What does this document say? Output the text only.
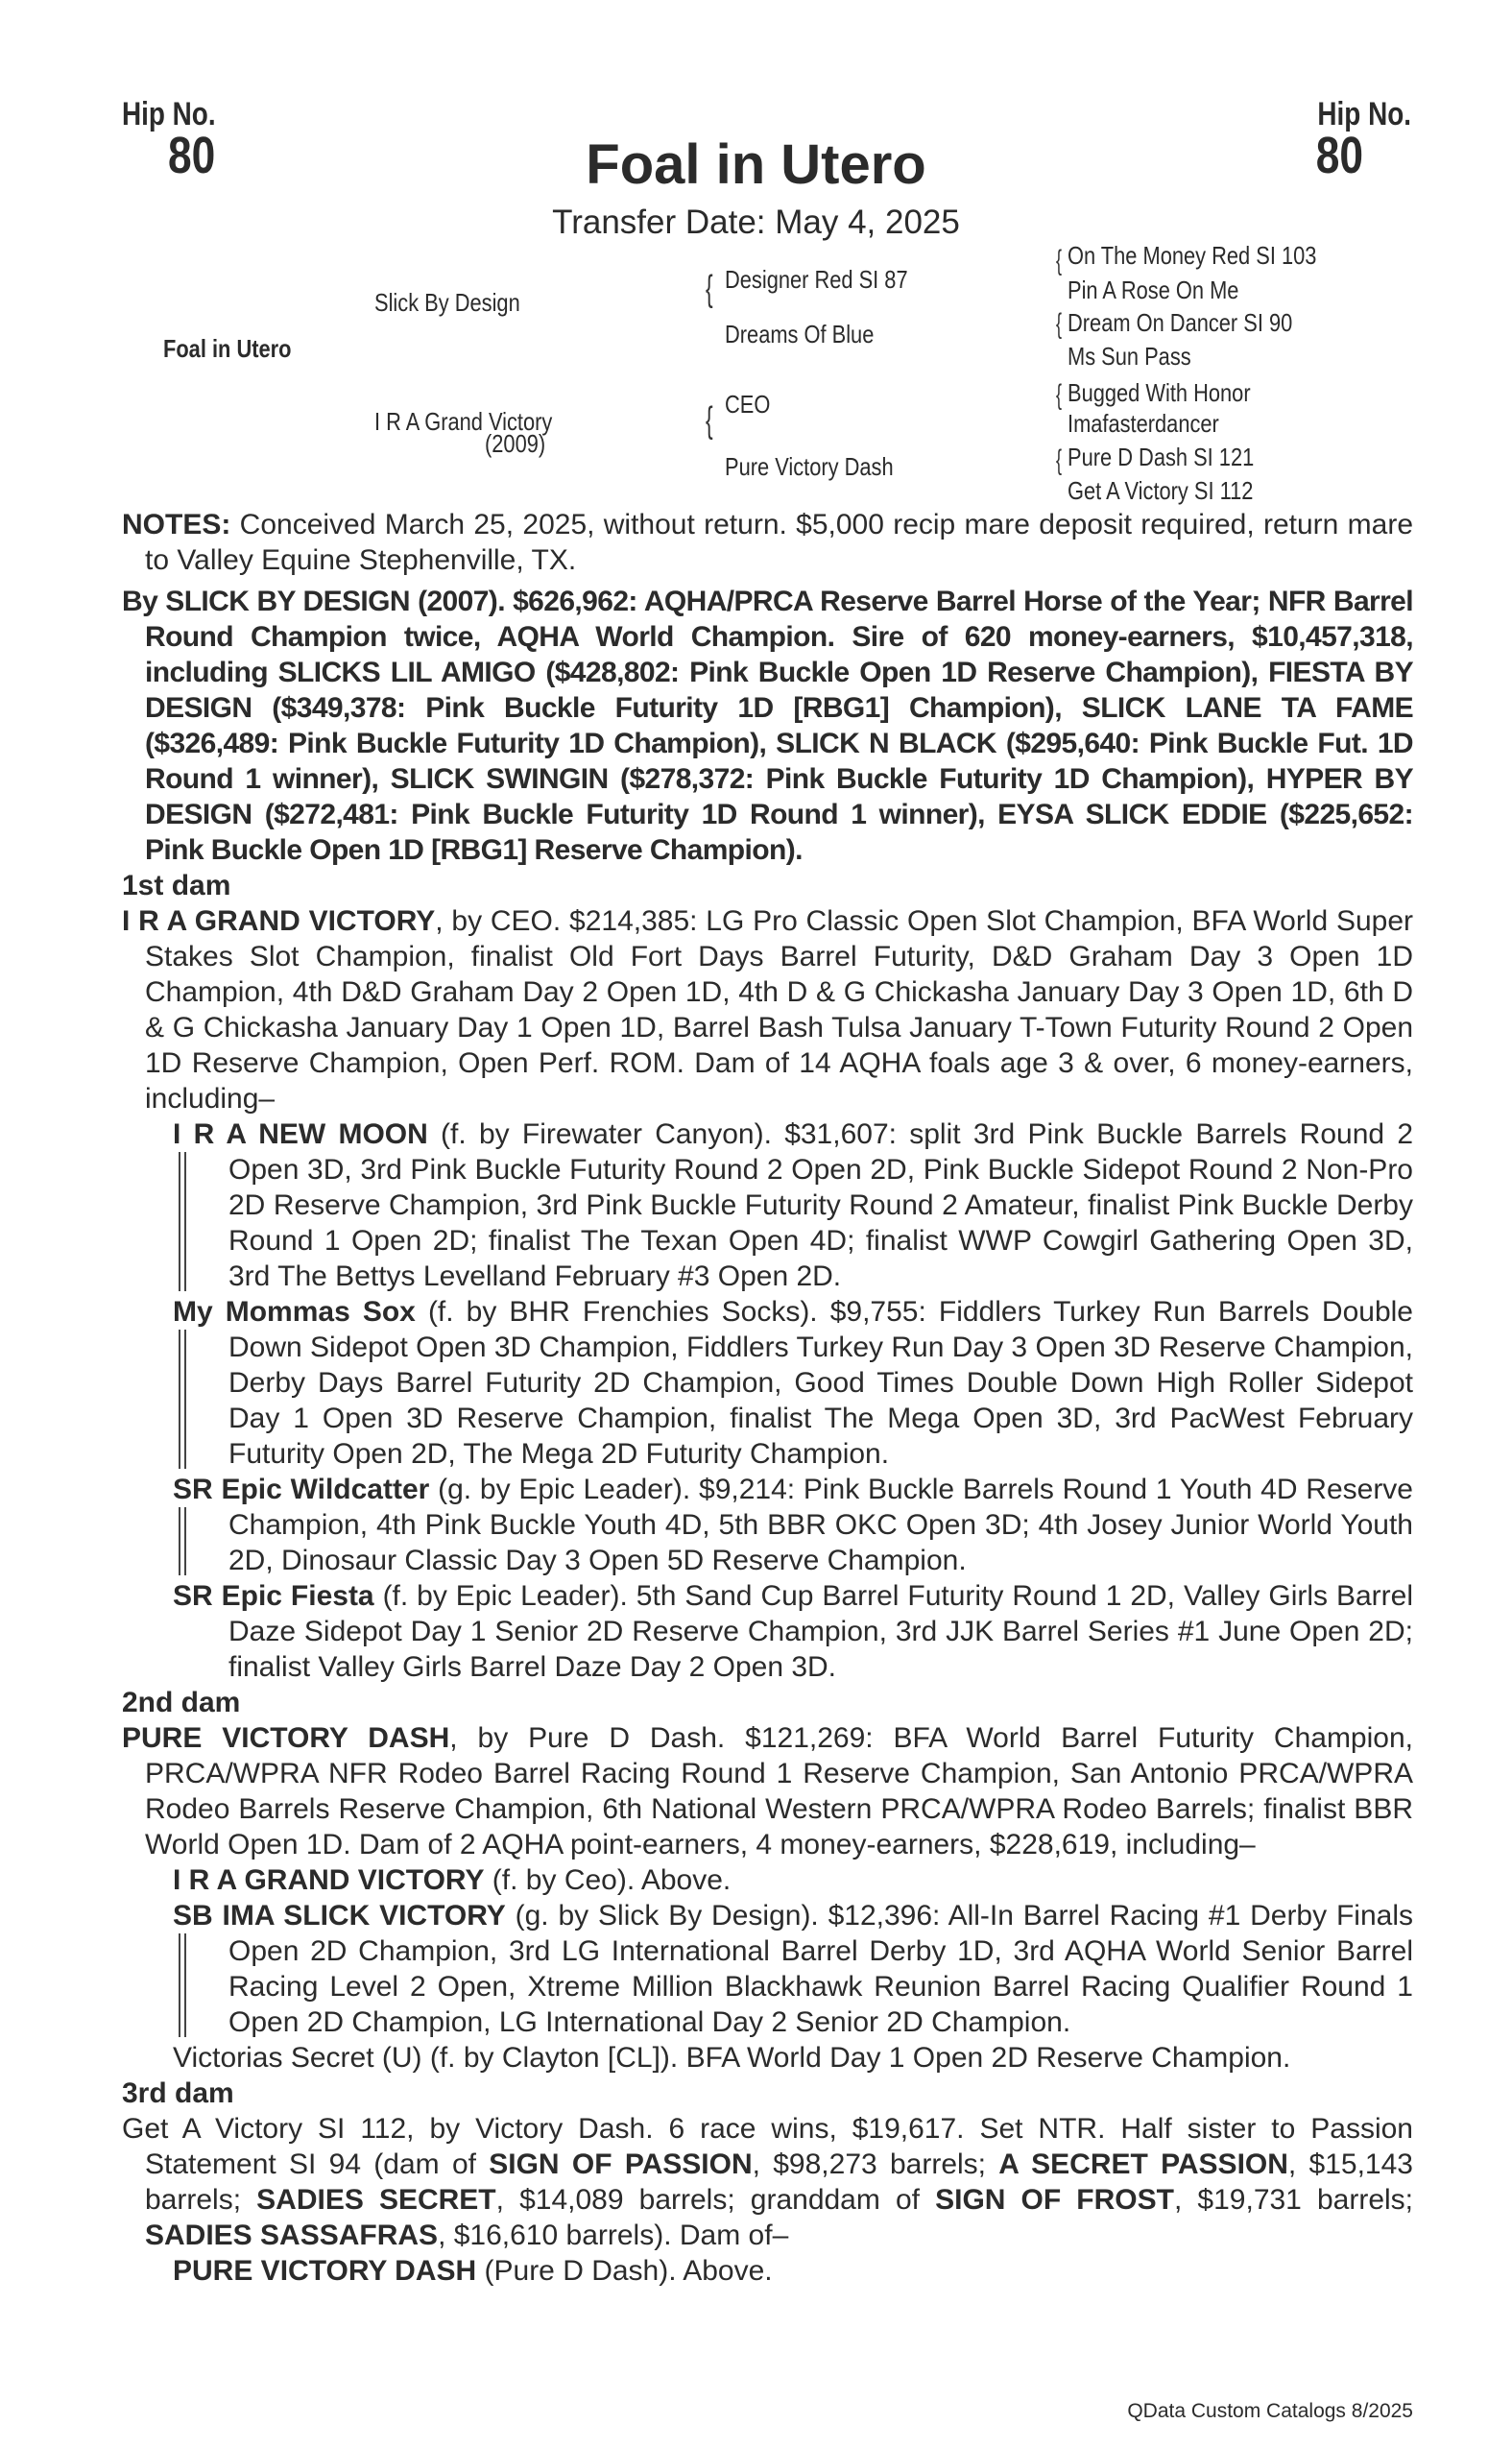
Hip No.
80
Hip No.
80
Foal in Utero
Transfer Date: May 4, 2025
Foal in Utero
Slick By Design
I R A Grand Victory
(2009)
{
{
Designer Red SI 87
Dreams Of Blue
CEO
Pure Victory Dash
{
{
{
{
On The Money Red SI 103
Pin A Rose On Me
Dream On Dancer SI 90
Ms Sun Pass
Bugged With Honor
Imafasterdancer
Pure D Dash SI 121
Get A Victory SI 112

NOTES: Conceived March 25, 2025, without return. $5,000 recip mare deposit required, return mare to Valley Equine Stephenville, TX.

By SLICK BY DESIGN (2007). $626,962: AQHA/PRCA Reserve Barrel Horse of the Year; NFR Barrel Round Champion twice, AQHA World Champion. Sire of 620 money-earners, $10,457,318, including SLICKS LIL AMIGO ($428,802: Pink Buckle Open 1D Reserve Champion), FIESTA BY DESIGN ($349,378: Pink Buckle Futurity 1D [RBG1] Champion), SLICK LANE TA FAME ($326,489: Pink Buckle Futurity 1D Champion), SLICK N BLACK ($295,640: Pink Buckle Fut. 1D Round 1 winner), SLICK SWINGIN ($278,372: Pink Buckle Futurity 1D Champion), HYPER BY DESIGN ($272,481: Pink Buckle Futurity 1D Round 1 winner), EYSA SLICK EDDIE ($225,652: Pink Buckle Open 1D [RBG1] Reserve Champion).

1st dam

I R A GRAND VICTORY, by CEO. $214,385: LG Pro Classic Open Slot Champion, BFA World Super Stakes Slot Champion, finalist Old Fort Days Barrel Futurity, D&D Graham Day 3 Open 1D Champion, 4th D&D Graham Day 2 Open 1D, 4th D & G Chickasha January Day 3 Open 1D, 6th D & G Chickasha January Day 1 Open 1D, Barrel Bash Tulsa January T-Town Futurity Round 2 Open 1D Reserve Champion, Open Perf. ROM. Dam of 14 AQHA foals age 3 & over, 6 money-earners, including–

I R A NEW MOON (f. by Firewater Canyon). $31,607: split 3rd Pink Buckle Barrels Round 2 Open 3D, 3rd Pink Buckle Futurity Round 2 Open 2D, Pink Buckle Sidepot Round 2 Non-Pro 2D Reserve Champion, 3rd Pink Buckle Futurity Round 2 Amateur, finalist Pink Buckle Derby Round 1 Open 2D; finalist The Texan Open 4D; finalist WWP Cowgirl Gathering Open 3D, 3rd The Bettys Levelland February #3 Open 2D.

My Mommas Sox (f. by BHR Frenchies Socks). $9,755: Fiddlers Turkey Run Barrels Double Down Sidepot Open 3D Champion, Fiddlers Turkey Run Day 3 Open 3D Reserve Champion, Derby Days Barrel Futurity 2D Champion, Good Times Double Down High Roller Sidepot Day 1 Open 3D Reserve Champion, finalist The Mega Open 3D, 3rd PacWest February Futurity Open 2D, The Mega 2D Futurity Champion.

SR Epic Wildcatter (g. by Epic Leader). $9,214: Pink Buckle Barrels Round 1 Youth 4D Reserve Champion, 4th Pink Buckle Youth 4D, 5th BBR OKC Open 3D; 4th Josey Junior World Youth 2D, Dinosaur Classic Day 3 Open 5D Reserve Champion.

SR Epic Fiesta (f. by Epic Leader). 5th Sand Cup Barrel Futurity Round 1 2D, Valley Girls Barrel Daze Sidepot Day 1 Senior 2D Reserve Champion, 3rd JJK Barrel Series #1 June Open 2D; finalist Valley Girls Barrel Daze Day 2 Open 3D.

2nd dam

PURE VICTORY DASH, by Pure D Dash. $121,269: BFA World Barrel Futurity Champion, PRCA/WPRA NFR Rodeo Barrel Racing Round 1 Reserve Champion, San Antonio PRCA/WPRA Rodeo Barrels Reserve Champion, 6th National Western PRCA/WPRA Rodeo Barrels; finalist BBR World Open 1D. Dam of 2 AQHA point-earners, 4 money-earners, $228,619, including–

I R A GRAND VICTORY (f. by Ceo). Above.

SB IMA SLICK VICTORY (g. by Slick By Design). $12,396: All-In Barrel Racing #1 Derby Finals Open 2D Champion, 3rd LG International Barrel Derby 1D, 3rd AQHA World Senior Barrel Racing Level 2 Open, Xtreme Million Blackhawk Reunion Barrel Racing Qualifier Round 1 Open 2D Champion, LG International Day 2 Senior 2D Champion.

Victorias Secret (U) (f. by Clayton [CL]). BFA World Day 1 Open 2D Reserve Champion.

3rd dam

Get A Victory SI 112, by Victory Dash. 6 race wins, $19,617. Set NTR. Half sister to Passion Statement SI 94 (dam of SIGN OF PASSION, $98,273 barrels; A SECRET PASSION, $15,143 barrels; SADIES SECRET, $14,089 barrels; granddam of SIGN OF FROST, $19,731 barrels; SADIES SASSAFRAS, $16,610 barrels). Dam of–

PURE VICTORY DASH (Pure D Dash). Above.

QData Custom Catalogs 8/2025
